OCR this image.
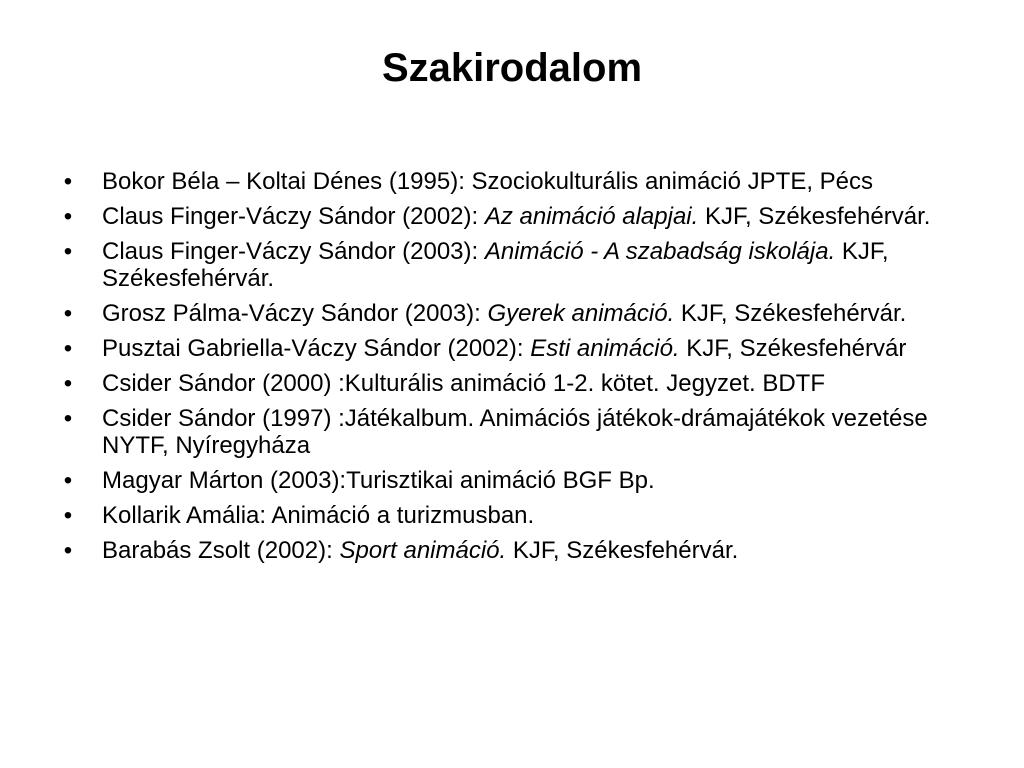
Szakirodalom
• Bokor Béla – Koltai Dénes (1995): Szociokulturális animáció JPTE, Pécs
• Claus Finger-Váczy Sándor (2002): Az animáció alapjai. KJF, Székesfehérvár.
• Claus Finger-Váczy Sándor (2003): Animáció - A szabadság iskolája. KJF, Székesfehérvár.
• Grosz Pálma-Váczy Sándor (2003): Gyerek animáció. KJF, Székesfehérvár.
• Pusztai Gabriella-Váczy Sándor (2002): Esti animáció. KJF, Székesfehérvár
• Csider Sándor (2000) :Kulturális animáció 1-2. kötet. Jegyzet. BDTF
• Csider Sándor (1997) :Játékalbum. Animációs játékok-drámajátékok vezetése NYTF, Nyíregyháza
• Magyar Márton (2003):Turisztikai animáció BGF Bp.
• Kollarik Amália: Animáció a turizmusban.
• Barabás Zsolt (2002): Sport animáció. KJF, Székesfehérvár.
